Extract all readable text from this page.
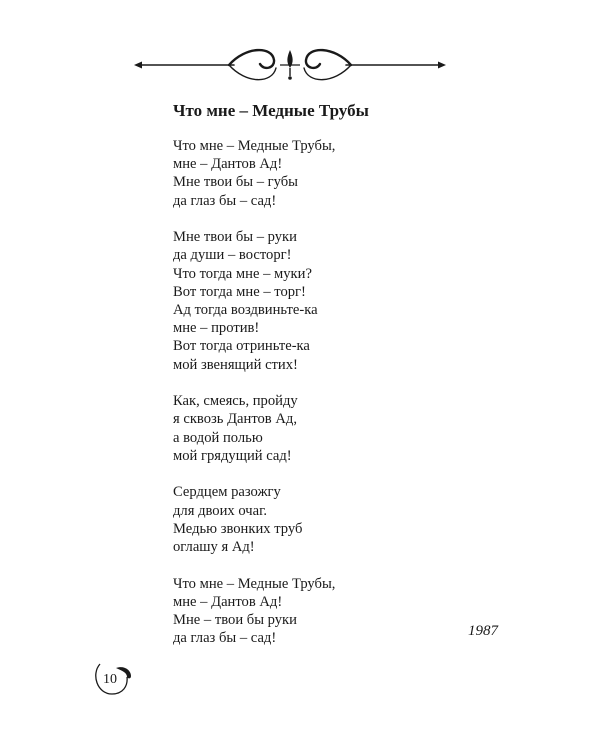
Что мне – Медные Трубы
Что мне – Медные Трубы,
мне – Дантов Ад!
Мне твои бы – губы
да глаз бы – сад!
Мне твои бы – руки
да души – восторг!
Что тогда мне – муки?
Вот тогда мне – торг!
Ад тогда воздвиньте-ка
мне – против!
Вот тогда отриньте-ка
мой звенящий стих!
Как, смеясь, пройду
я сквозь Дантов Ад,
а водой полью
мой грядущий сад!
Сердцем разожгу
для двоих очаг.
Медью звонких труб
оглашу я Ад!
Что мне – Медные Трубы,
мне – Дантов Ад!
Мне – твои бы руки
да глаз бы – сад!	1987
10
